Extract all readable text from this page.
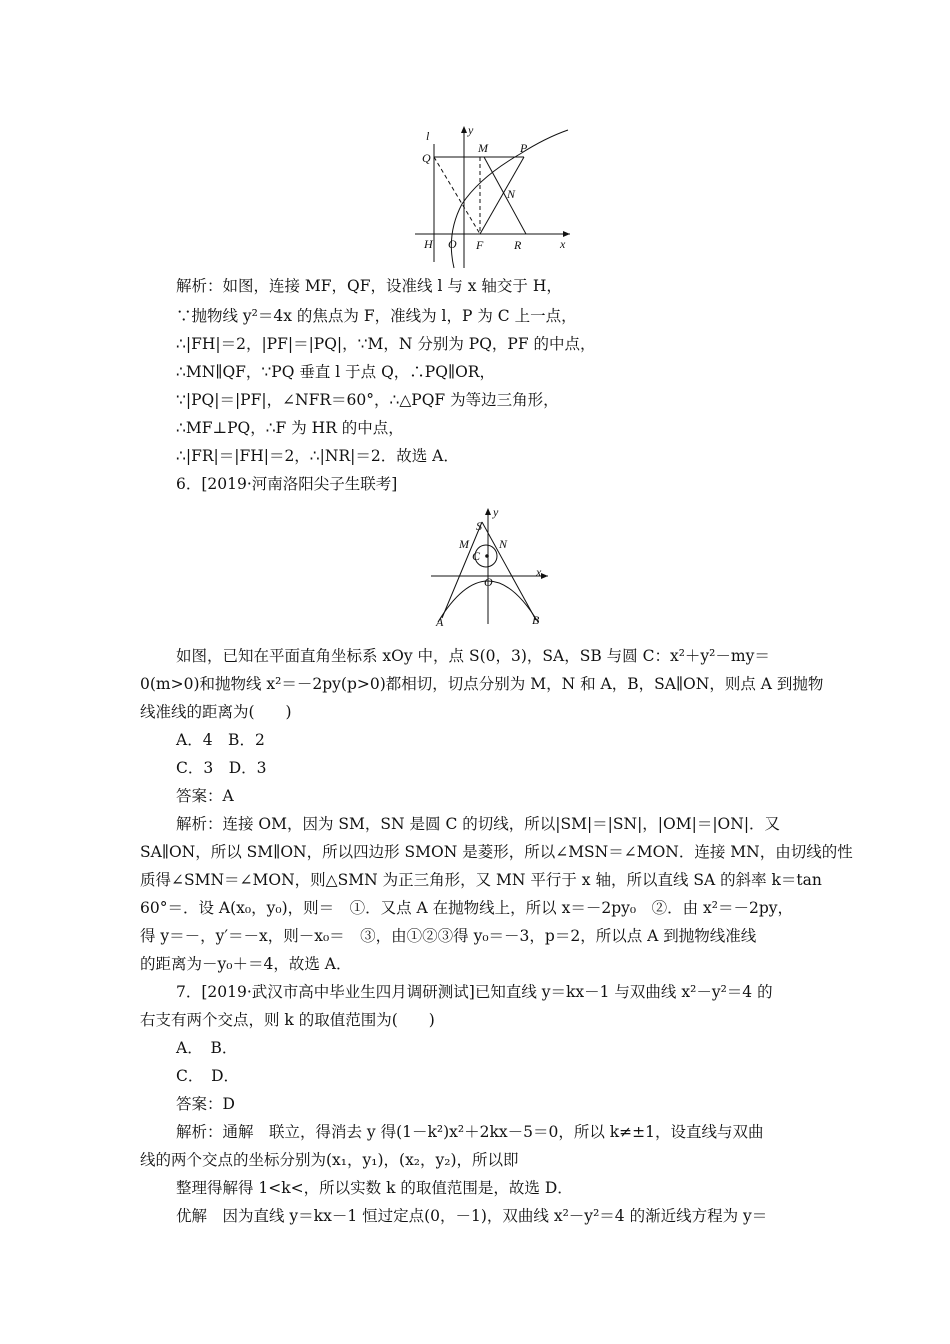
l	y
Q
M	P
N
H O F	R	x
解析：如图，连接 MF，QF，设准线 l 与 x 轴交于 H，
∵抛物线 y²＝4x 的焦点为 F，准线为 l，P 为 C 上一点，
∴|FH|＝2，|PF|＝|PQ|，∵M，N 分别为 PQ，PF 的中点，
∴MN∥QF，∵PQ 垂直 l 于点 Q，∴PQ∥OR，
∵|PQ|＝|PF|，∠NFR＝60°，∴△PQF 为等边三角形，
∴MF⊥PQ，∴F 为 HR 的中点，
∴|FR|＝|FH|＝2，∴|NR|＝2．故选 A．
6．[2019·河南洛阳尖子生联考]
y
S
M	N
C
O
x
A	B
如图，已知在平面直角坐标系 xOy 中，点 S(0，3)，SA，SB 与圆 C：x²＋y²－my＝
0(m>0)和抛物线 x²＝－2py(p>0)都相切，切点分别为 M，N 和 A，B，SA∥ON，则点 A 到抛物
线准线的距离为(　　)
A．4　B．2
C．3　D．3
答案：A
解析：连接 OM，因为 SM，SN 是圆 C 的切线，所以|SM|＝|SN|，|OM|＝|ON|．又
SA∥ON，所以 SM∥ON，所以四边形 SMON 是菱形，所以∠MSN＝∠MON．连接 MN，由切线的性
质得∠SMN＝∠MON，则△SMN 为正三角形，又 MN 平行于 x 轴，所以直线 SA 的斜率 k＝tan
60°＝．设 A(x₀，y₀)，则＝　①．又点 A 在抛物线上，所以 x＝－2py₀　②．由 x²＝－2py，
得 y＝－，y′＝－x，则－x₀＝　③，由①②③得 y₀＝－3，p＝2，所以点 A 到抛物线准线
的距离为－y₀＋＝4，故选 A．
7．[2019·武汉市高中毕业生四月调研测试]已知直线 y＝kx－1 与双曲线 x²－y²＝4 的
右支有两个交点，则 k 的取值范围为(　　)
A．　B．
C．　D．
答案：D
解析：通解　联立，得消去 y 得(1－k²)x²＋2kx－5＝0，所以 k≠±1，设直线与双曲
线的两个交点的坐标分别为(x₁，y₁)，(x₂，y₂)，所以即
整理得解得 1<k<，所以实数 k 的取值范围是，故选 D．
优解　因为直线 y＝kx－1 恒过定点(0，－1)，双曲线 x²－y²＝4 的渐近线方程为 y＝
